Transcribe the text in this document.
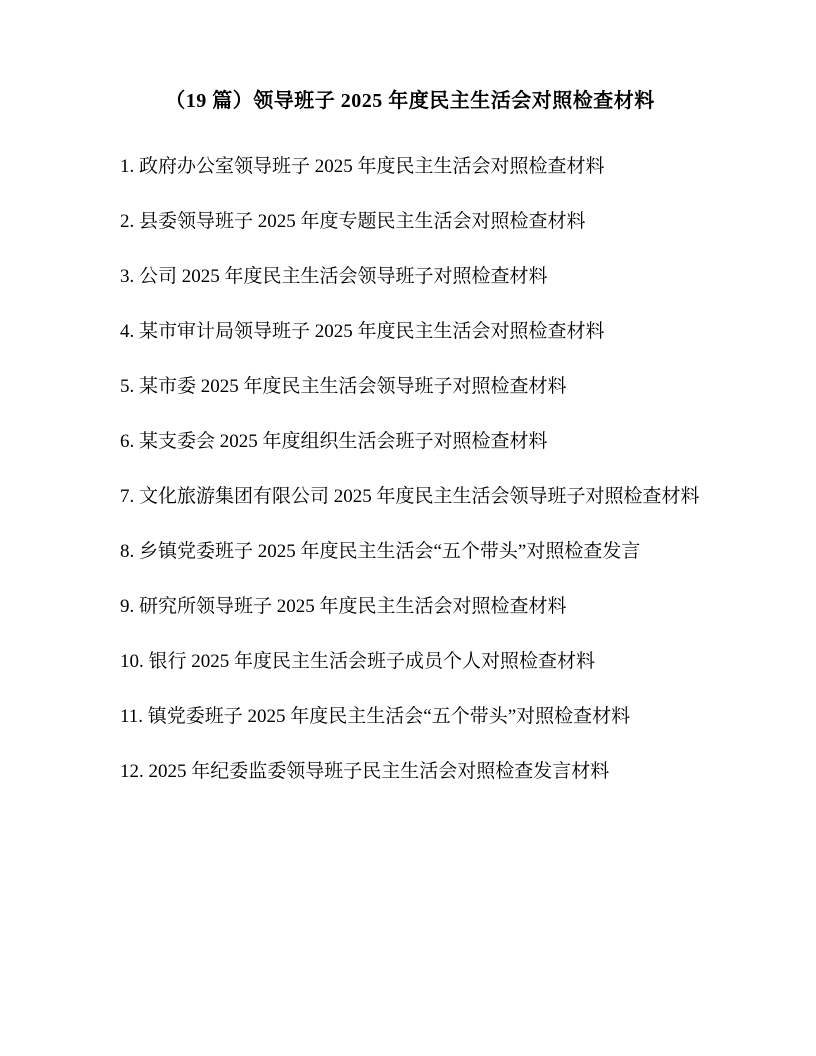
（19 篇）领导班子 2025 年度民主生活会对照检查材料

1. 政府办公室领导班子 2025 年度民主生活会对照检查材料

2. 县委领导班子 2025 年度专题民主生活会对照检查材料

3. 公司 2025 年度民主生活会领导班子对照检查材料

4. 某市审计局领导班子 2025 年度民主生活会对照检查材料

5. 某市委 2025 年度民主生活会领导班子对照检查材料

6. 某支委会 2025 年度组织生活会班子对照检查材料

7. 文化旅游集团有限公司 2025 年度民主生活会领导班子对照检查材料

8. 乡镇党委班子 2025 年度民主生活会“五个带头”对照检查发言

9. 研究所领导班子 2025 年度民主生活会对照检查材料

10. 银行 2025 年度民主生活会班子成员个人对照检查材料

11. 镇党委班子 2025 年度民主生活会“五个带头”对照检查材料

12. 2025 年纪委监委领导班子民主生活会对照检查发言材料
